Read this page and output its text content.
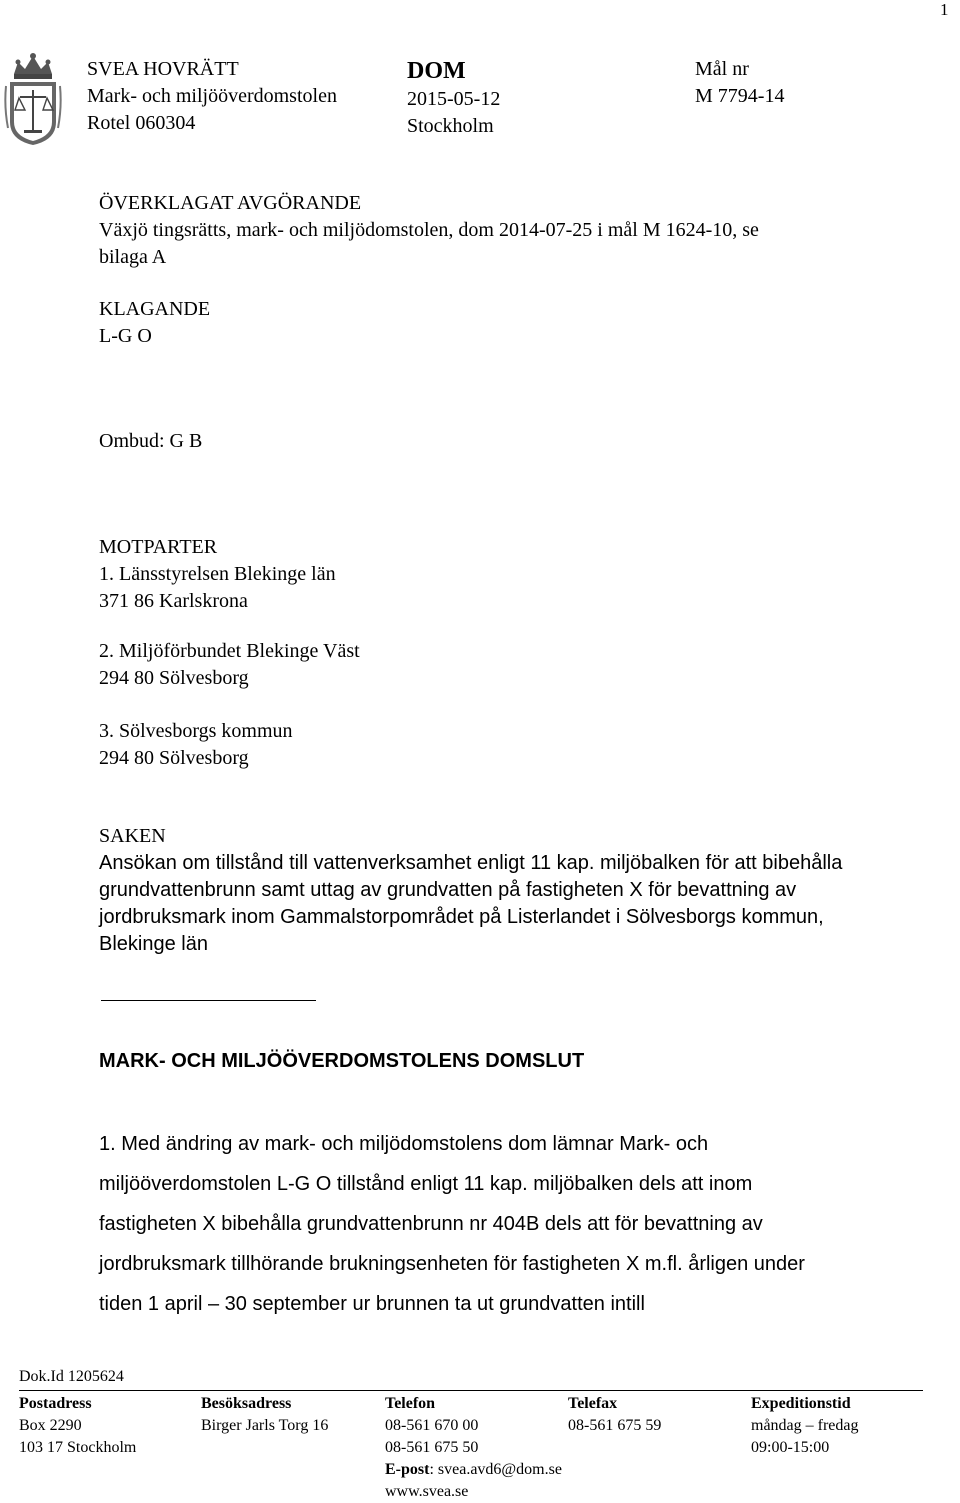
1
SVEA HOVRÄTT
Mark- och miljööverdomstolen
Rotel 060304
DOM
2015-05-12
Stockholm
Mål nr
M 7794-14
ÖVERKLAGAT AVGÖRANDE
Växjö tingsrätts, mark- och miljödomstolen, dom 2014-07-25 i mål M 1624-10, se
bilaga A
KLAGANDE
L-G O
Ombud: G B
MOTPARTER
1. Länsstyrelsen Blekinge län
371 86 Karlskrona
2. Miljöförbundet Blekinge Väst
294 80 Sölvesborg
3. Sölvesborgs kommun
294 80 Sölvesborg
SAKEN
Ansökan om tillstånd till vattenverksamhet enligt 11 kap. miljöbalken för att bibehålla
grundvattenbrunn samt uttag av grundvatten på fastigheten X för bevattning av
jordbruksmark inom Gammalstorpområdet på Listerlandet i Sölvesborgs kommun,
Blekinge län
MARK- OCH MILJÖÖVERDOMSTOLENS DOMSLUT

1. Med ändring av mark- och miljödomstolens dom lämnar Mark- och

miljööverdomstolen L-G O tillstånd enligt 11 kap. miljöbalken dels att inom

fastigheten X bibehålla grundvattenbrunn nr 404B dels att för bevattning av

jordbruksmark tillhörande brukningsenheten för fastigheten X m.fl. årligen under

tiden 1 april – 30 september ur brunnen ta ut grundvatten intill

Dok.Id 1205624
Postadress
Box 2290
103 17 Stockholm
Besöksadress
Birger Jarls Torg 16
Telefon
08-561 670 00
08-561 675 50
E-post: svea.avd6@dom.se
www.svea.se
Telefax
08-561 675 59
Expeditionstid
måndag – fredag
09:00-15:00
